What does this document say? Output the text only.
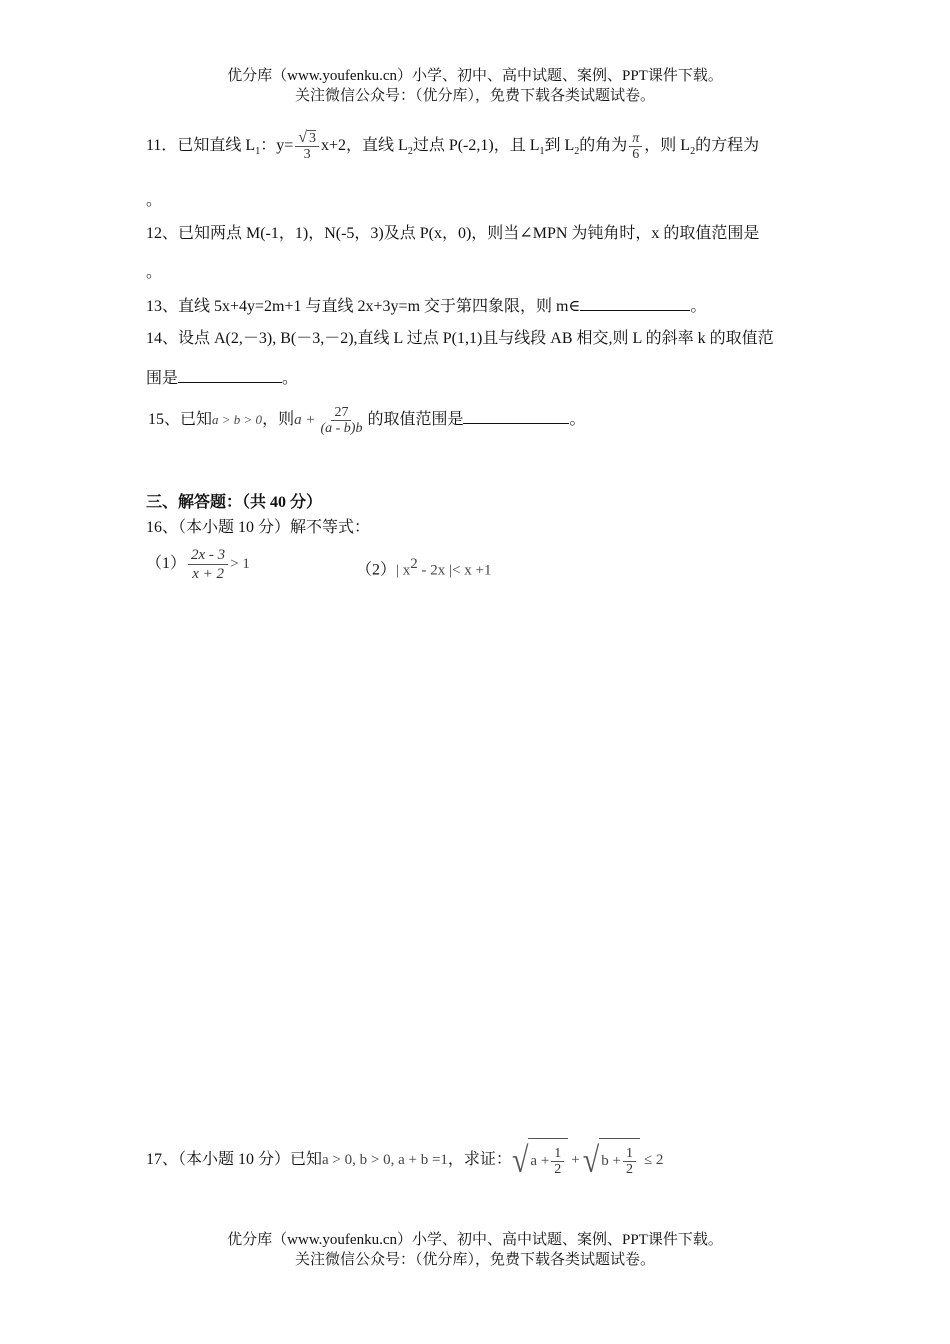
优分库（www.youfenku.cn）小学、初中、高中试题、案例、PPT课件下载。
关注微信公众号：（优分库），免费下载各类试题试卷。
11．已知直线 $L_1$：$y= \frac{√ 3}{3} x+2$，直线 $L_2$过点 P(-2,1)，且 $L_1$到 $L_2$的角为 $\frac{\pi}{6}$ ，则 $L_2$的方程为
。
12、已知两点 M(-1，1)，N(-5，3)及点 P(x，0)，则当∠MPN 为钝角时，x 的取值范围是
。
13、直线 5x+4y=2m+1 与直线 2x+3y=m 交于第四象限，则 m∈	。
14、设点 A(2,－3), B(－3,－2),直线 L 过点 P(1,1)且与线段 AB 相交,则 L 的斜率 k 的取值范
围是	。
15、已知a > b > 0，则$a + \frac{27}{(a - b)b}$ 的取值范围是	。
三、解答题：（共 40 分）
16、（本小题 10 分）解不等式：
$(1) \frac{2x - 3}{x + 2} > 1$	（2）| $x^2 - 2x$ |< x +1
17、（本小题 10 分）已知a > 0, b > 0, a + b =1，求证： √ $a + \frac{1}{2}$ + √ $b + \frac{1}{2} \le 2$
优分库（www.youfenku.cn）小学、初中、高中试题、案例、PPT课件下载。
关注微信公众号：（优分库），免费下载各类试题试卷。
